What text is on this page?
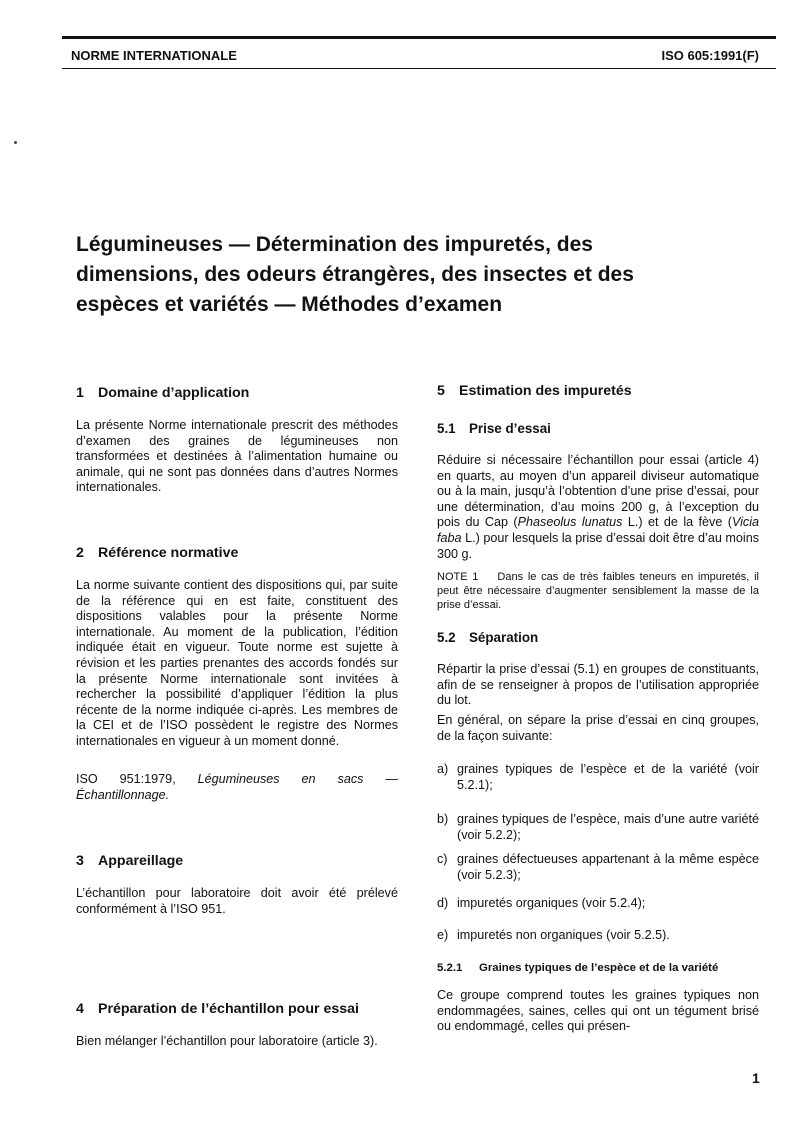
NORME INTERNATIONALE	ISO 605:1991(F)
Légumineuses — Détermination des impuretés, des dimensions, des odeurs étrangères, des insectes et des espèces et variétés — Méthodes d’examen
1 Domaine d’application
La présente Norme internationale prescrit des méthodes d’examen des graines de légumineuses non transformées et destinées à l’alimentation humaine ou animale, qui ne sont pas données dans d’autres Normes internationales.
2 Référence normative
La norme suivante contient des dispositions qui, par suite de la référence qui en est faite, constituent des dispositions valables pour la présente Norme internationale. Au moment de la publication, l’édition indiquée était en vigueur. Toute norme est sujette à révision et les parties prenantes des accords fondés sur la présente Norme internationale sont invitées à rechercher la possibilité d’appliquer l’édition la plus récente de la norme indiquée ci-après. Les membres de la CEI et de l’ISO possèdent le registre des Normes internationales en vigueur à un moment donné.
ISO 951:1979, Légumineuses en sacs — Échantillonnage.
3 Appareillage
L’échantillon pour laboratoire doit avoir été prélevé conformément à l’ISO 951.
4 Préparation de l’échantillon pour essai
Bien mélanger l’échantillon pour laboratoire (article 3).
5 Estimation des impuretés
5.1 Prise d’essai
Réduire si nécessaire l’échantillon pour essai (article 4) en quarts, au moyen d’un appareil diviseur automatique ou à la main, jusqu’à l’obtention d’une prise d’essai, pour une détermination, d’au moins 200 g, à l’exception du pois du Cap (Phaseolus lunatus L.) et de la fève (Vicia faba L.) pour lesquels la prise d’essai doit être d’au moins 300 g.
NOTE 1 Dans le cas de très faibles teneurs en impuretés, il peut être nécessaire d’augmenter sensiblement la masse de la prise d’essai.
5.2 Séparation
Répartir la prise d’essai (5.1) en groupes de constituants, afin de se renseigner à propos de l’utilisation appropriée du lot.
En général, on sépare la prise d’essai en cinq groupes, de la façon suivante:
a) graines typiques de l’espèce et de la variété (voir 5.2.1);
b) graines typiques de l’espèce, mais d’une autre variété (voir 5.2.2);
c) graines défectueuses appartenant à la même espèce (voir 5.2.3);
d) impuretés organiques (voir 5.2.4);
e) impuretés non organiques (voir 5.2.5).
5.2.1 Graines typiques de l’espèce et de la variété
Ce groupe comprend toutes les graines typiques non endommagées, saines, celles qui ont un tégument brisé ou endommagé, celles qui présen-
1
